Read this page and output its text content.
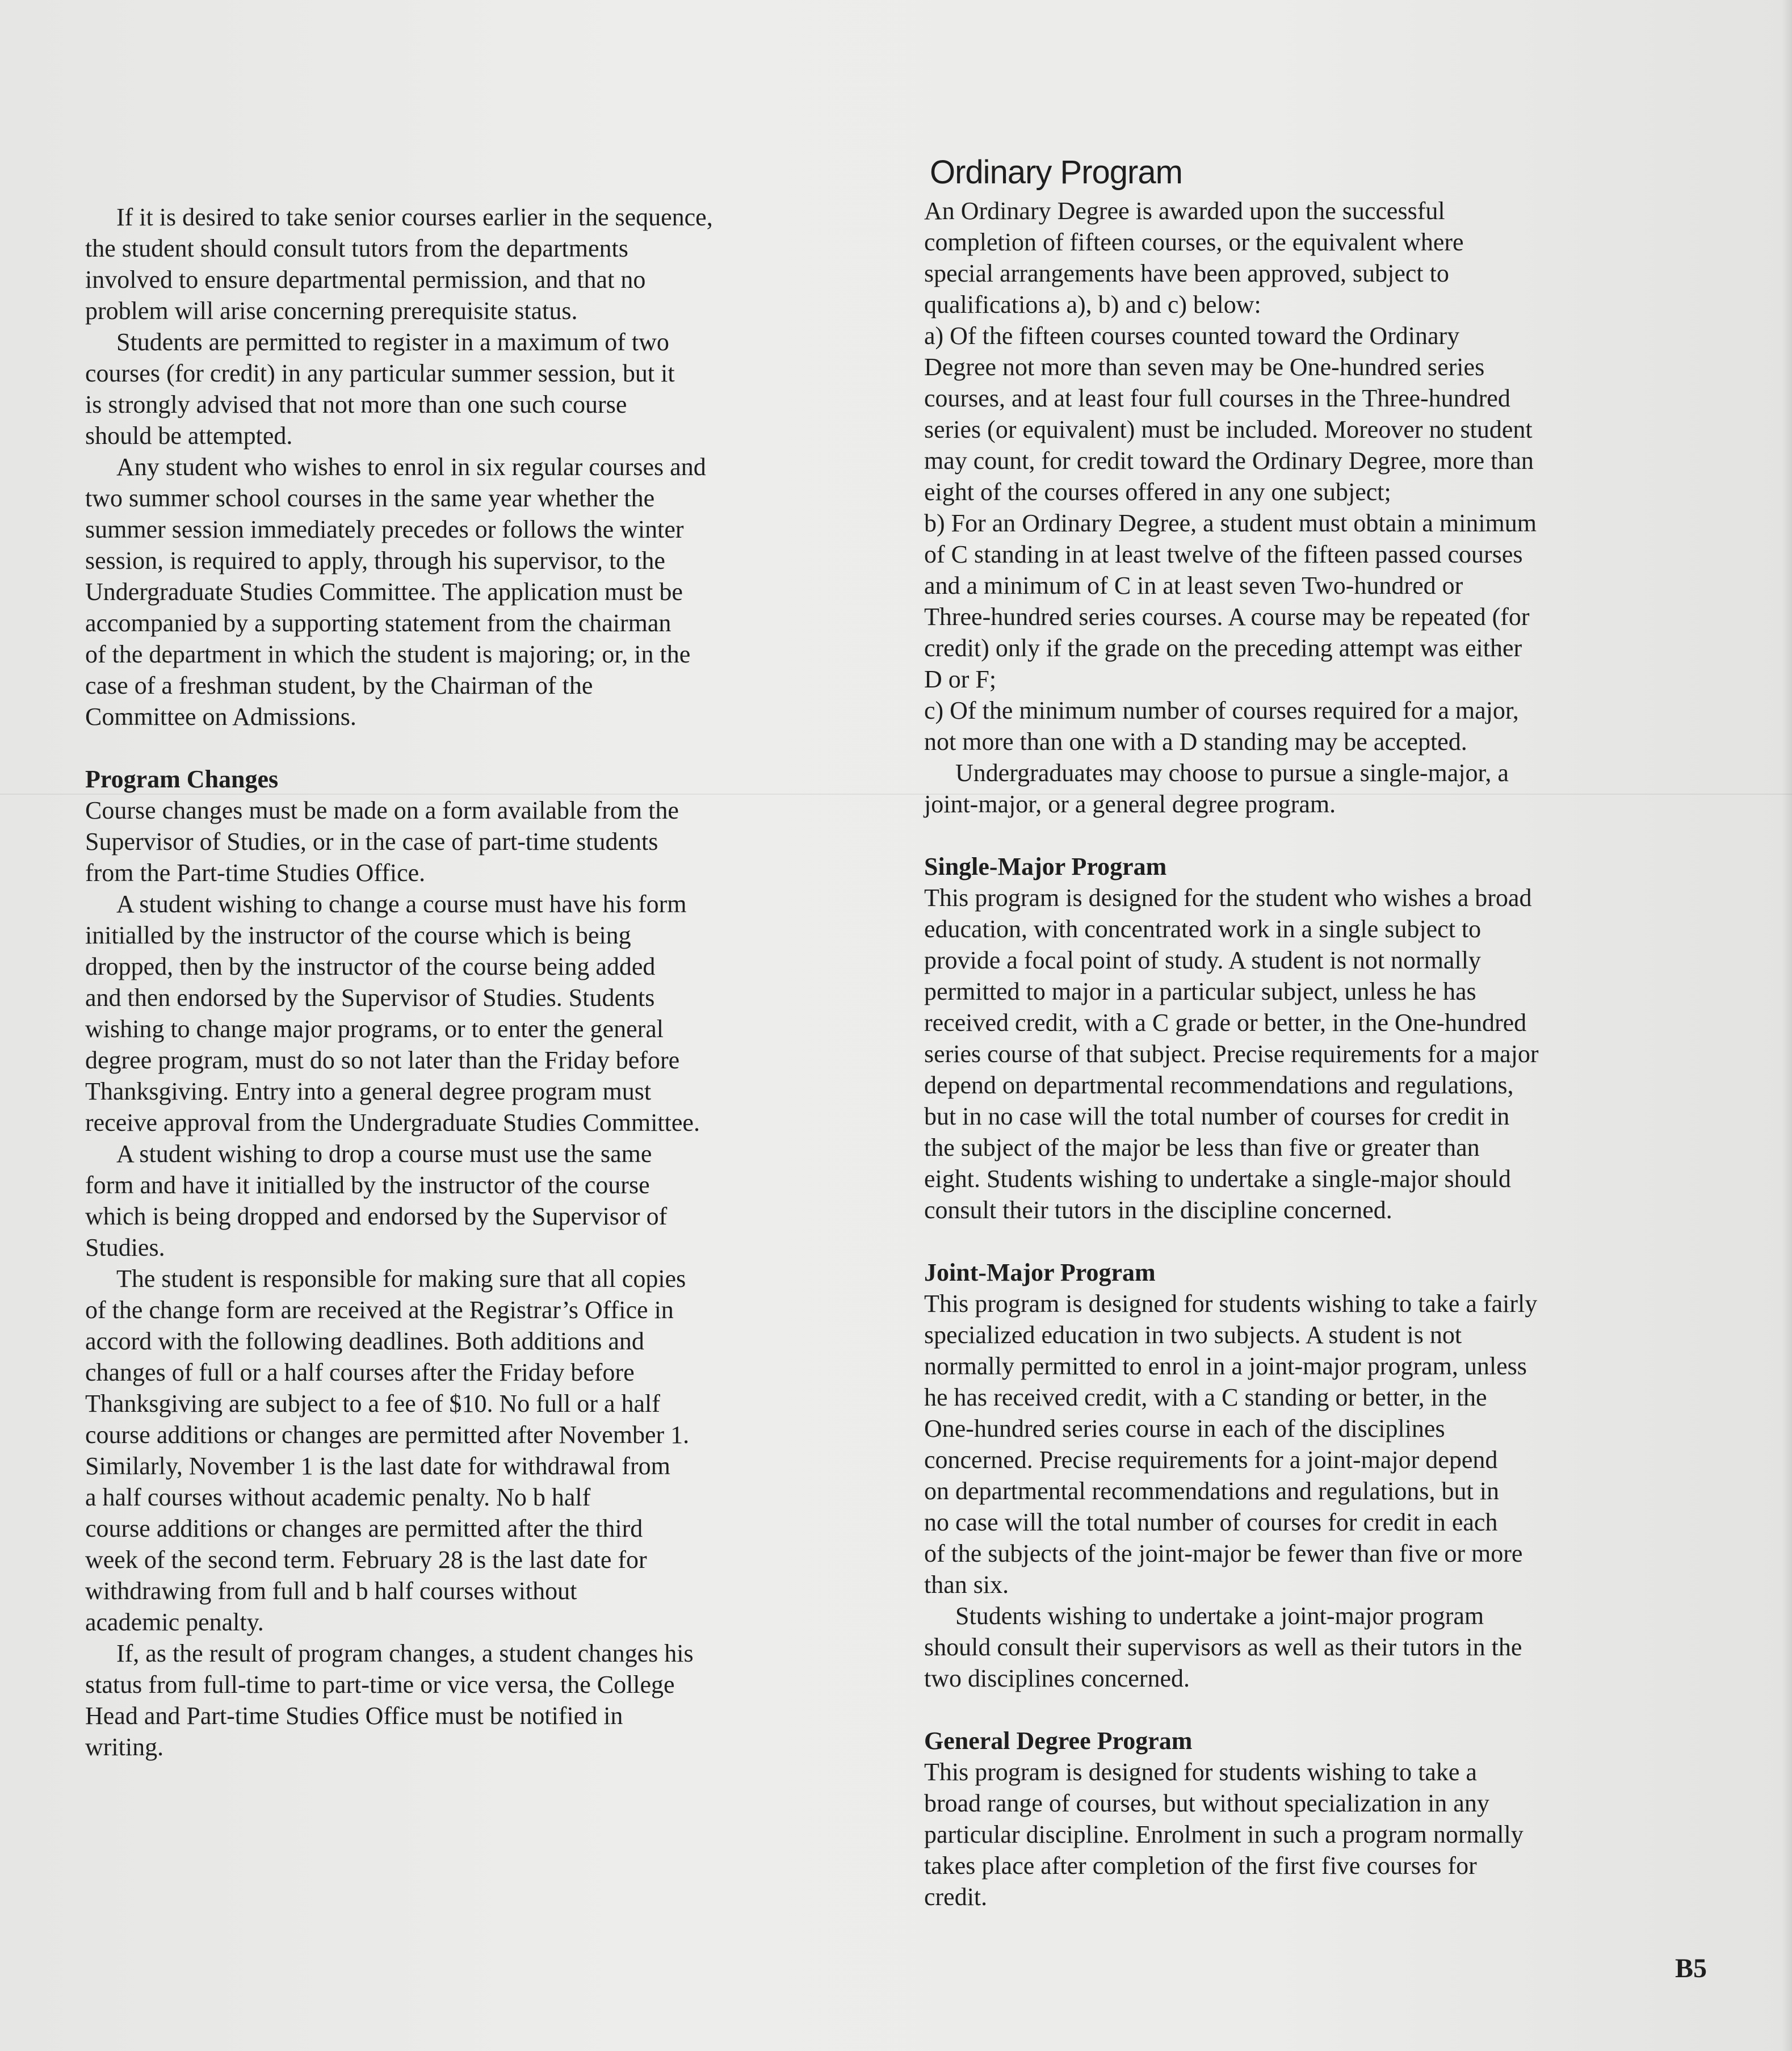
If it is desired to take senior courses earlier in the sequence,
the student should consult tutors from the departments
involved to ensure departmental permission, and that no
problem will arise concerning prerequisite status.

Students are permitted to register in a maximum of two
courses (for credit) in any particular summer session, but it
is strongly advised that not more than one such course
should be attempted.

Any student who wishes to enrol in six regular courses and
two summer school courses in the same year whether the
summer session immediately precedes or follows the winter
session, is required to apply, through his supervisor, to the
Undergraduate Studies Committee. The application must be
accompanied by a supporting statement from the chairman
of the department in which the student is majoring; or, in the
case of a freshman student, by the Chairman of the
Committee on Admissions.

Program Changes

Course changes must be made on a form available from the
Supervisor of Studies, or in the case of part-time students
from the Part-time Studies Office.

A student wishing to change a course must have his form
initialled by the instructor of the course which is being
dropped, then by the instructor of the course being added
and then endorsed by the Supervisor of Studies. Students
wishing to change major programs, or to enter the general
degree program, must do so not later than the Friday before
Thanksgiving. Entry into a general degree program must
receive approval from the Undergraduate Studies Committee.

A student wishing to drop a course must use the same
form and have it initialled by the instructor of the course
which is being dropped and endorsed by the Supervisor of
Studies.

The student is responsible for making sure that all copies
of the change form are received at the Registrar’s Office in
accord with the following deadlines. Both additions and
changes of full or a half courses after the Friday before
Thanksgiving are subject to a fee of $10. No full or a half
course additions or changes are permitted after November 1.
Similarly, November 1 is the last date for withdrawal from
a half courses without academic penalty. No b half
course additions or changes are permitted after the third
week of the second term. February 28 is the last date for
withdrawing from full and b half courses without
academic penalty.

If, as the result of program changes, a student changes his
status from full-time to part-time or vice versa, the College
Head and Part-time Studies Office must be notified in
writing.

Ordinary Program

An Ordinary Degree is awarded upon the successful
completion of fifteen courses, or the equivalent where
special arrangements have been approved, subject to
qualifications a), b) and c) below:
a) Of the fifteen courses counted toward the Ordinary
Degree not more than seven may be One-hundred series
courses, and at least four full courses in the Three-hundred
series (or equivalent) must be included. Moreover no student
may count, for credit toward the Ordinary Degree, more than
eight of the courses offered in any one subject;
b) For an Ordinary Degree, a student must obtain a minimum
of C standing in at least twelve of the fifteen passed courses
and a minimum of C in at least seven Two-hundred or
Three-hundred series courses. A course may be repeated (for
credit) only if the grade on the preceding attempt was either
D or F;
c) Of the minimum number of courses required for a major,
not more than one with a D standing may be accepted.

Undergraduates may choose to pursue a single-major, a
joint-major, or a general degree program.

Single-Major Program

This program is designed for the student who wishes a broad
education, with concentrated work in a single subject to
provide a focal point of study. A student is not normally
permitted to major in a particular subject, unless he has
received credit, with a C grade or better, in the One-hundred
series course of that subject. Precise requirements for a major
depend on departmental recommendations and regulations,
but in no case will the total number of courses for credit in
the subject of the major be less than five or greater than
eight. Students wishing to undertake a single-major should
consult their tutors in the discipline concerned.

Joint-Major Program

This program is designed for students wishing to take a fairly
specialized education in two subjects. A student is not
normally permitted to enrol in a joint-major program, unless
he has received credit, with a C standing or better, in the
One-hundred series course in each of the disciplines
concerned. Precise requirements for a joint-major depend
on departmental recommendations and regulations, but in
no case will the total number of courses for credit in each
of the subjects of the joint-major be fewer than five or more
than six.

Students wishing to undertake a joint-major program
should consult their supervisors as well as their tutors in the
two disciplines concerned.

General Degree Program

This program is designed for students wishing to take a
broad range of courses, but without specialization in any
particular discipline. Enrolment in such a program normally
takes place after completion of the first five courses for
credit.

B5
